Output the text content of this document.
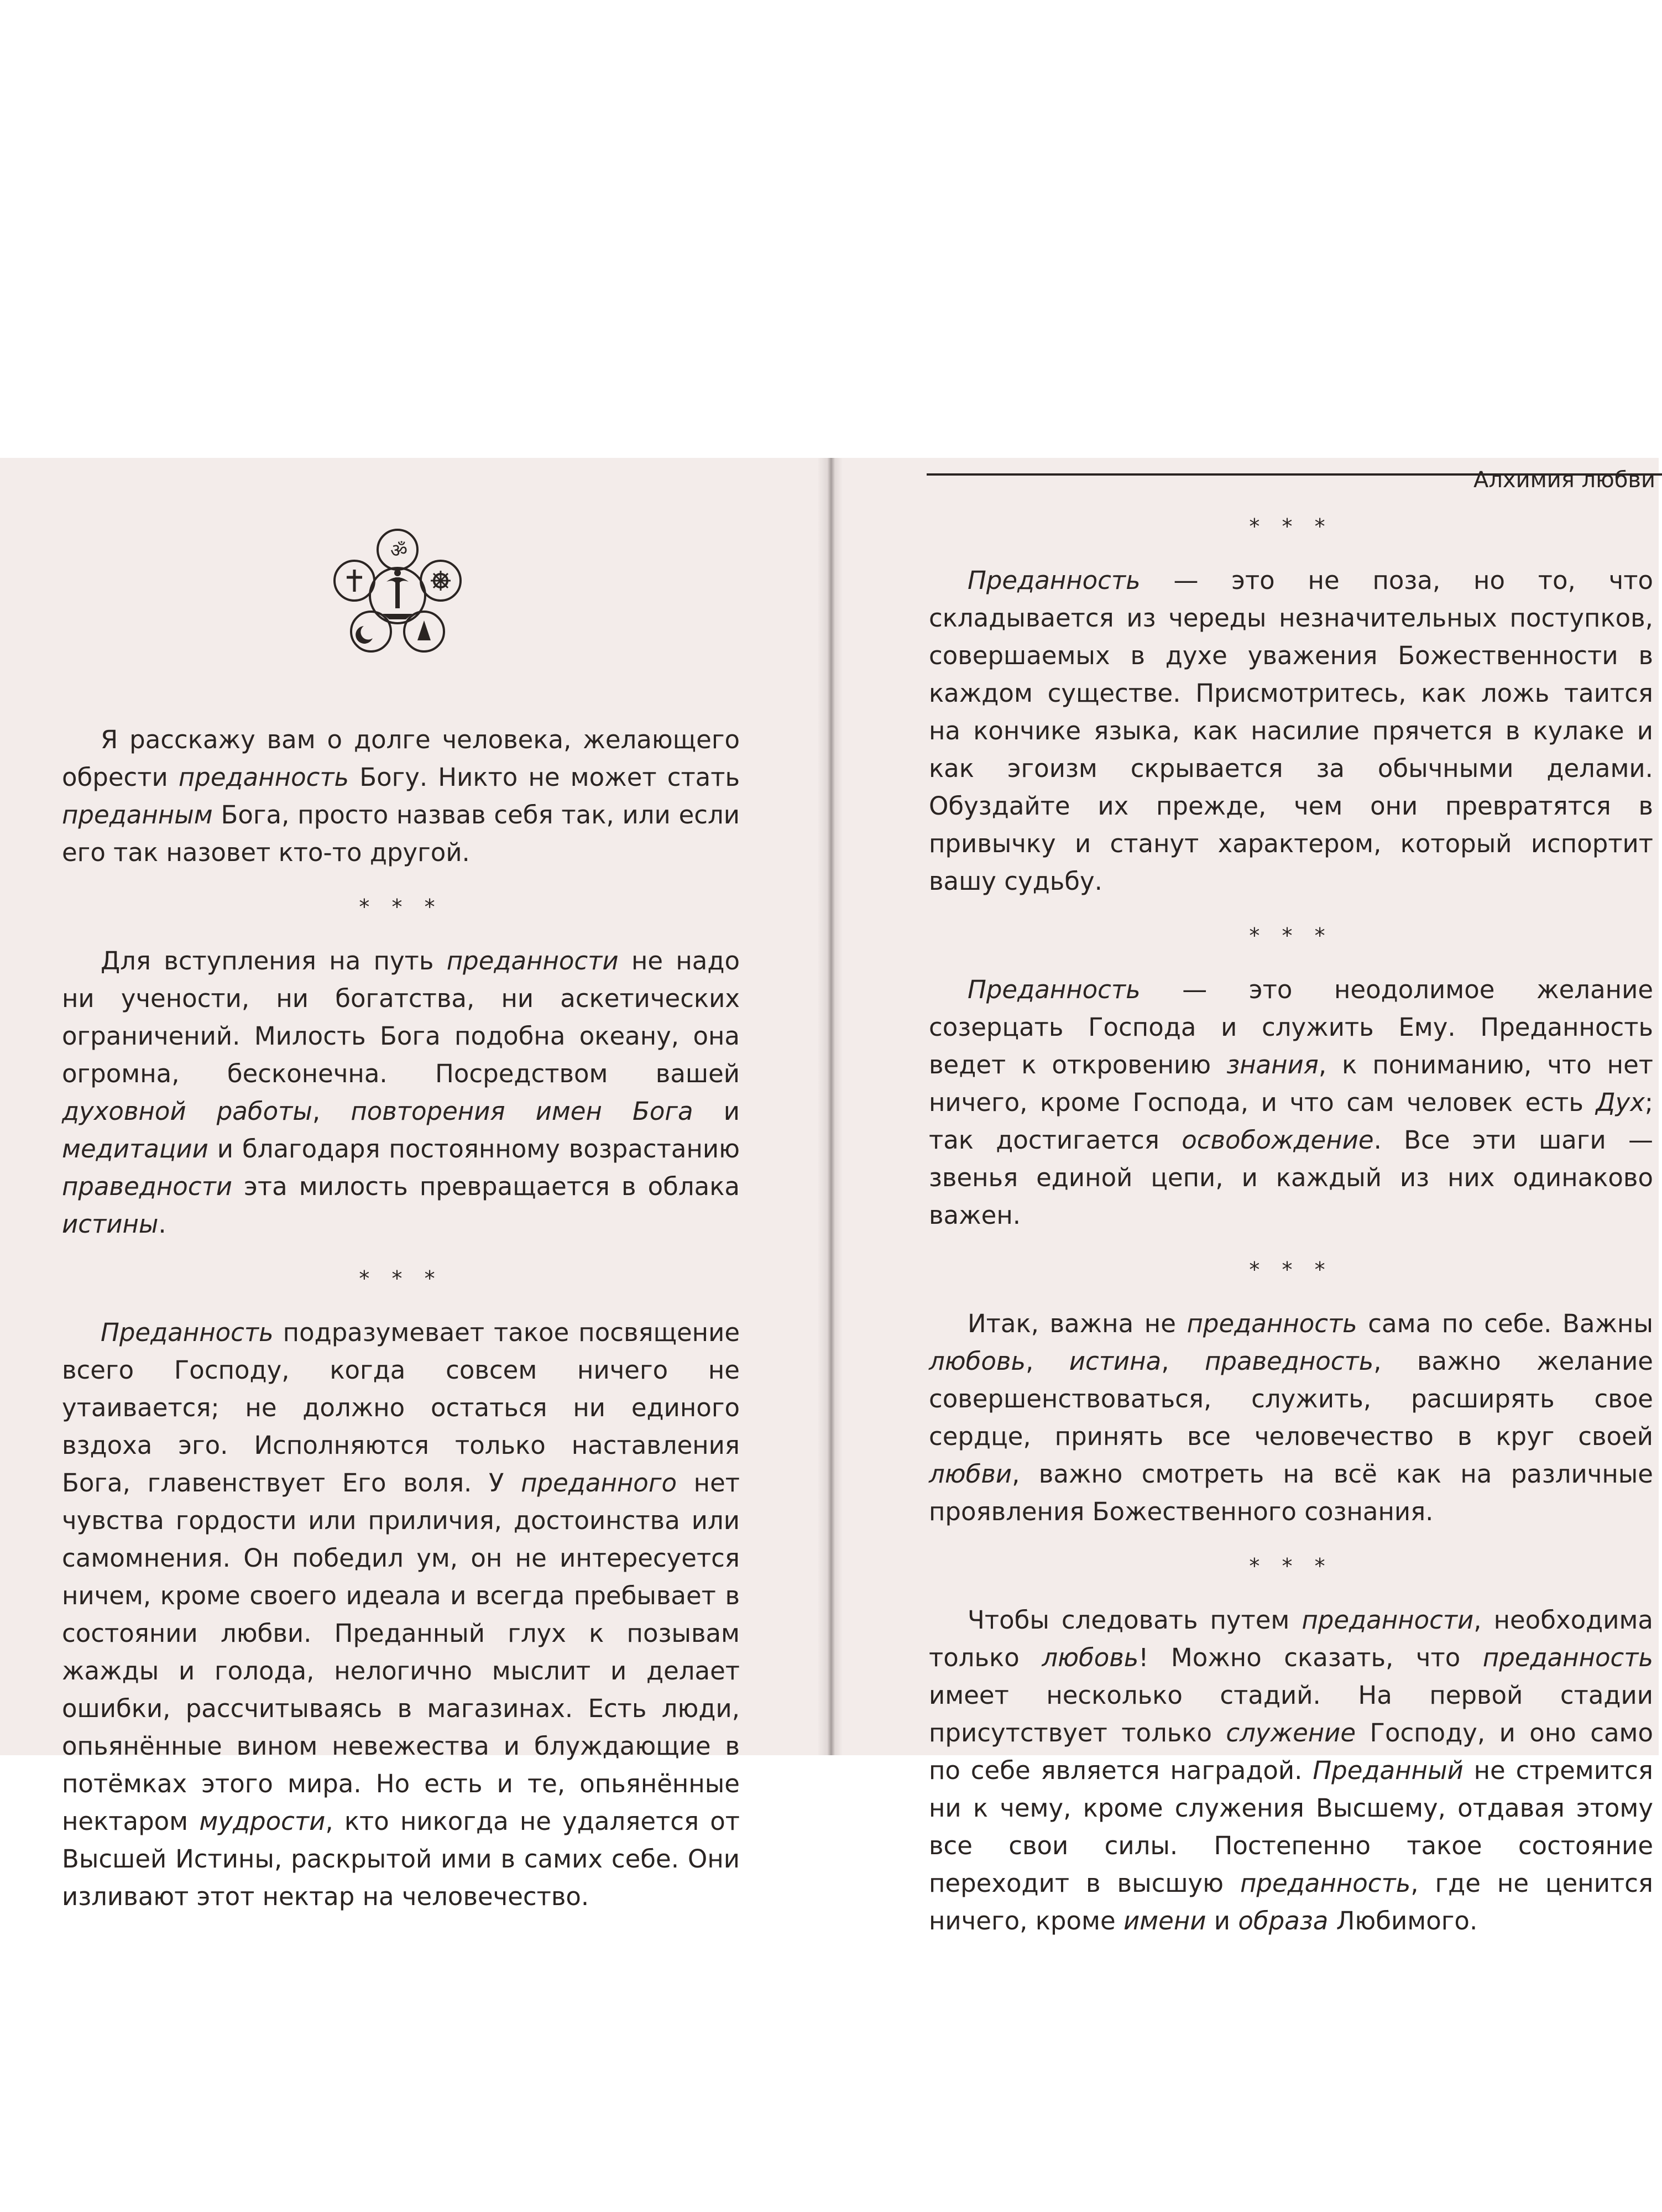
ॐ

Я расскажу вам о долге человека, желающего обрести преданность Богу. Никто не может стать преданным Бога, просто назвав себя так, или если его так назовет кто-то другой.

* * *

Для вступления на путь преданности не надо ни учености, ни богатства, ни аскетических ограничений. Милость Бога подобна океану, она огромна, бесконечна. Посредством вашей духовной работы, повторения имен Бога и медитации и благодаря постоянному возрастанию праведности эта милость превращается в облака истины.

* * *

Преданность подразумевает такое посвящение всего Господу, когда совсем ничего не утаивается; не должно остаться ни единого вздоха эго. Исполняются только наставления Бога, главенствует Его воля. У преданного нет чувства гордости или приличия, достоинства или самомнения. Он победил ум, он не интересуется ничем, кроме своего идеала и всегда пребывает в состоянии любви. Преданный глух к позывам жажды и голода, нелогично мыслит и делает ошибки, рассчитываясь в магазинах. Есть люди, опьянённые вином невежества и блуждающие в потёмках этого мира. Но есть и те, опьянённые нектаром мудрости, кто никогда не удаляется от Высшей Истины, раскрытой ими в самих себе. Они изливают этот нектар на человечество.

Алхимия любви

* * *

Преданность — это не поза, но то, что складывается из череды незначительных поступков, совершаемых в духе уважения Божественности в каждом существе. Присмотритесь, как ложь таится на кончике языка, как насилие прячется в кулаке и как эгоизм скрывается за обычными делами. Обуздайте их прежде, чем они превратятся в привычку и станут характером, который испортит вашу судьбу.

* * *

Преданность — это неодолимое желание созерцать Господа и служить Ему. Преданность ведет к откровению знания, к пониманию, что нет ничего, кроме Господа, и что сам человек есть Дух; так достигается освобождение. Все эти шаги — звенья единой цепи, и каждый из них одинаково важен.

* * *

Итак, важна не преданность сама по себе. Важны любовь, истина, праведность, важно желание совершенствоваться, служить, расширять свое сердце, принять все человечество в круг своей любви, важно смотреть на всё как на различные проявления Божественного сознания.

* * *

Чтобы следовать путем преданности, необходима только любовь! Можно сказать, что преданность имеет несколько стадий. На первой стадии присутствует только служение Господу, и оно само по себе является наградой. Преданный не стремится ни к чему, кроме служения Высшему, отдавая этому все свои силы. Постепенно такое состояние переходит в высшую преданность, где не ценится ничего, кроме имени и образа Любимого.
